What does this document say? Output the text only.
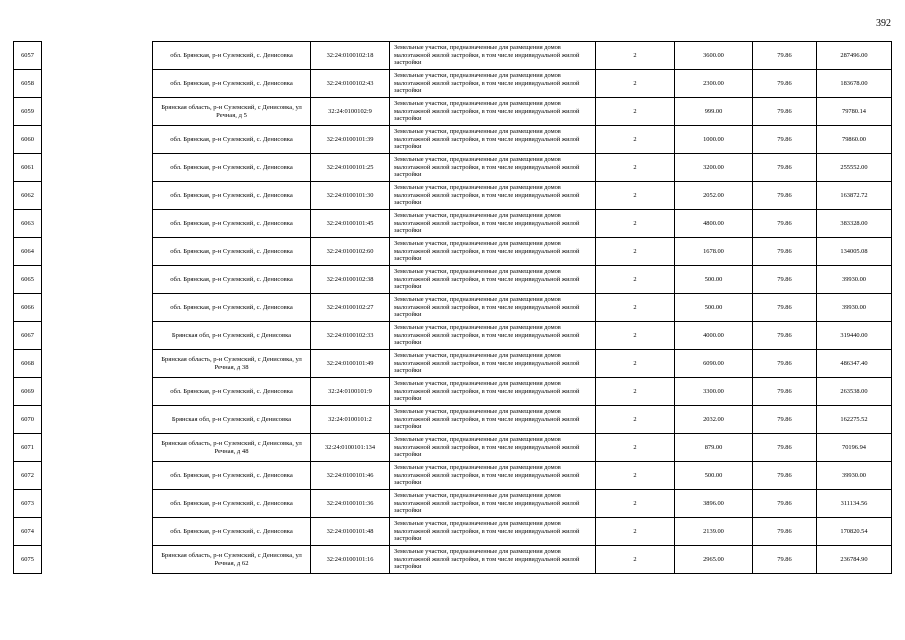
392
6057		обл. Брянская, р-н Суземский, с. Денисовка	32:24:0100102:18	Земельные участки, предназначенные для размещения домов малоэтажной жилой застройки, в том числе индивидуальной жилой застройки	2	3600.00	79.86	287496.00
6058		обл. Брянская, р-н Суземский, с. Денисовка	32:24:0100102:43	Земельные участки, предназначенные для размещения домов малоэтажной жилой застройки, в том числе индивидуальной жилой застройки	2	2300.00	79.86	183678.00
6059		Брянская область, р-н Суземский, с Денисовка, ул Речная, д 5	32:24:0100102:9	Земельные участки, предназначенные для размещения домов малоэтажной жилой застройки, в том числе индивидуальной жилой застройки	2	999.00	79.86	79780.14
6060		обл. Брянская, р-н Суземский, с. Денисовка	32:24:0100101:39	Земельные участки, предназначенные для размещения домов малоэтажной жилой застройки, в том числе индивидуальной жилой застройки	2	1000.00	79.86	79860.00
6061		обл. Брянская, р-н Суземский, с. Денисовка	32:24:0100101:25	Земельные участки, предназначенные для размещения домов малоэтажной жилой застройки, в том числе индивидуальной жилой застройки	2	3200.00	79.86	255552.00
6062		обл. Брянская, р-н Суземский, с. Денисовка	32:24:0100101:30	Земельные участки, предназначенные для размещения домов малоэтажной жилой застройки, в том числе индивидуальной жилой застройки	2	2052.00	79.86	163872.72
6063		обл. Брянская, р-н Суземский, с. Денисовка	32:24:0100101:45	Земельные участки, предназначенные для размещения домов малоэтажной жилой застройки, в том числе индивидуальной жилой застройки	2	4800.00	79.86	383328.00
6064		обл. Брянская, р-н Суземский, с. Денисовка	32:24:0100102:60	Земельные участки, предназначенные для размещения домов малоэтажной жилой застройки, в том числе индивидуальной жилой застройки	2	1678.00	79.86	134005.08
6065		обл. Брянская, р-н Суземский, с. Денисовка	32:24:0100102:38	Земельные участки, предназначенные для размещения домов малоэтажной жилой застройки, в том числе индивидуальной жилой застройки	2	500.00	79.86	39930.00
6066		обл. Брянская, р-н Суземский, с. Денисовка	32:24:0100102:27	Земельные участки, предназначенные для размещения домов малоэтажной жилой застройки, в том числе индивидуальной жилой застройки	2	500.00	79.86	39930.00
6067		Брянская обл, р-н Суземский, с Денисовка	32:24:0100102:33	Земельные участки, предназначенные для размещения домов малоэтажной жилой застройки, в том числе индивидуальной жилой застройки	2	4000.00	79.86	319440.00
6068		Брянская область, р-н Суземский, с Денисовка, ул Речная, д 38	32:24:0100101:49	Земельные участки, предназначенные для размещения домов малоэтажной жилой застройки, в том числе индивидуальной жилой застройки	2	6090.00	79.86	486347.40
6069		обл. Брянская, р-н Суземский, с. Денисовка	32:24:0100101:9	Земельные участки, предназначенные для размещения домов малоэтажной жилой застройки, в том числе индивидуальной жилой застройки	2	3300.00	79.86	263538.00
6070		Брянская обл, р-н Суземский, с Денисовка	32:24:0100101:2	Земельные участки, предназначенные для размещения домов малоэтажной жилой застройки, в том числе индивидуальной жилой застройки	2	2032.00	79.86	162275.52
6071		Брянская область, р-н Суземский, с Денисовка, ул Речная, д 48	32:24:0100101:134	Земельные участки, предназначенные для размещения домов малоэтажной жилой застройки, в том числе индивидуальной жилой застройки	2	879.00	79.86	70196.94
6072		обл. Брянская, р-н Суземский, с. Денисовка	32:24:0100101:46	Земельные участки, предназначенные для размещения домов малоэтажной жилой застройки, в том числе индивидуальной жилой застройки	2	500.00	79.86	39930.00
6073		обл. Брянская, р-н Суземский, с. Денисовка	32:24:0100101:36	Земельные участки, предназначенные для размещения домов малоэтажной жилой застройки, в том числе индивидуальной жилой застройки	2	3896.00	79.86	311134.56
6074		обл. Брянская, р-н Суземский, с. Денисовка	32:24:0100101:48	Земельные участки, предназначенные для размещения домов малоэтажной жилой застройки, в том числе индивидуальной жилой застройки	2	2139.00	79.86	170820.54
6075		Брянская область, р-н Суземский, с Денисовка, ул Речная, д 62	32:24:0100101:16	Земельные участки, предназначенные для размещения домов малоэтажной жилой застройки, в том числе индивидуальной жилой застройки	2	2965.00	79.86	236784.90
